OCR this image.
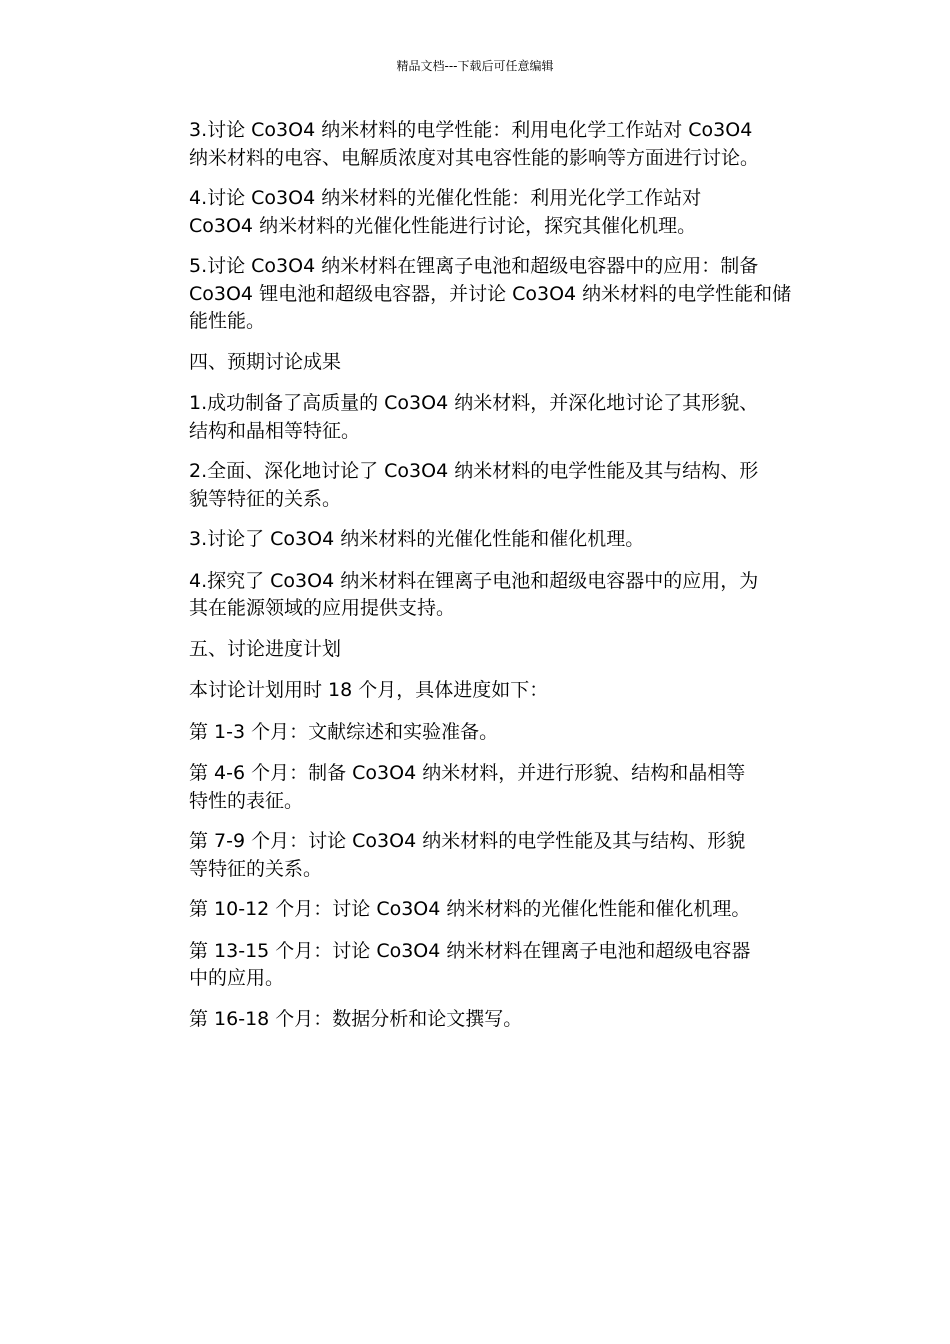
精品文档---下载后可任意编辑

3.讨论 Co3O4 纳米材料的电学性能：利用电化学工作站对 Co3O4
纳米材料的电容、电解质浓度对其电容性能的影响等方面进行讨论。

4.讨论 Co3O4 纳米材料的光催化性能：利用光化学工作站对
Co3O4 纳米材料的光催化性能进行讨论，探究其催化机理。

5.讨论 Co3O4 纳米材料在锂离子电池和超级电容器中的应用：制备
Co3O4 锂电池和超级电容器，并讨论 Co3O4 纳米材料的电学性能和储
能性能。

四、预期讨论成果

1.成功制备了高质量的 Co3O4 纳米材料，并深化地讨论了其形貌、
结构和晶相等特征。

2.全面、深化地讨论了 Co3O4 纳米材料的电学性能及其与结构、形
貌等特征的关系。

3.讨论了 Co3O4 纳米材料的光催化性能和催化机理。

4.探究了 Co3O4 纳米材料在锂离子电池和超级电容器中的应用，为
其在能源领域的应用提供支持。

五、讨论进度计划

本讨论计划用时 18 个月，具体进度如下：

第 1-3 个月：文献综述和实验准备。

第 4-6 个月：制备 Co3O4 纳米材料，并进行形貌、结构和晶相等
特性的表征。

第 7-9 个月：讨论 Co3O4 纳米材料的电学性能及其与结构、形貌
等特征的关系。

第 10-12 个月：讨论 Co3O4 纳米材料的光催化性能和催化机理。

第 13-15 个月：讨论 Co3O4 纳米材料在锂离子电池和超级电容器
中的应用。

第 16-18 个月：数据分析和论文撰写。
